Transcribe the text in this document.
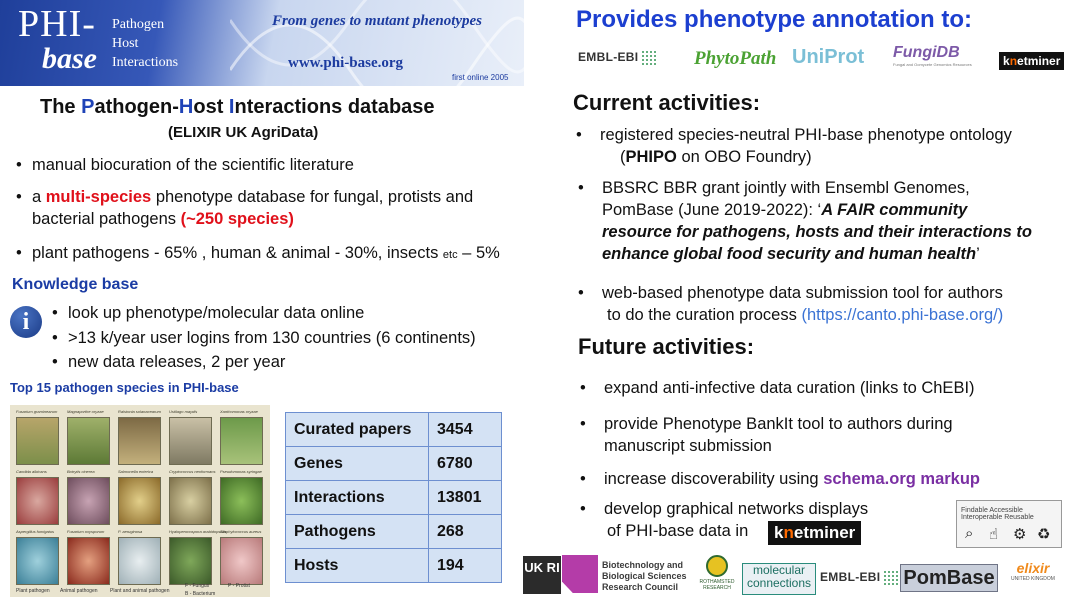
PHI-
base
Pathogen
Host
Interactions
From genes to mutant phenotypes
www.phi-base.org
first online 2005
The Pathogen-Host Interactions database
(ELIXIR UK AgriData)
• manual biocuration of the scientific literature
• a multi-species phenotype database for fungal, protists and
bacterial pathogens (~250 species)
• plant pathogens - 65% , human & animal - 30%, insects etc – 5%
Knowledge base
i	• look up phenotype/molecular data online
• >13 k/year user logins from 130 countries (6 continents)
• new data releases, 2 per year
Top 15 pathogen species in PHI-base
Fusarium graminearum Magnaporthe oryzae	Ralstonia solanacearum Ustilago maydis	Xanthomonas oryzae
Candida albicans	Botrytis cinerea	Salmonella enterica	Cryptococcus neoformans Pseudomonas syringae
Aspergillus fumigatus	Fusarium oxysporum	P. aeruginosa	Hyaloperonospora arabidopsidis
Staphylococcus aureus
Plant pathogen Animal pathogen Plant and animal pathogen
F - Fungus	P - Protist
B - Bacterium
Curated papers	3454
Genes	6780
Interactions	13801
Pathogens	268
Hosts	194
Provides phenotype annotation to:
EMBL-EBI	PhytoPath UniProt FungiDB
Fungal and Oomycete Genomics Resources	knetminer
Current activities:
• registered species-neutral PHI-base phenotype ontology
(PHIPO on OBO Foundry)
• BBSRC BBR grant jointly with Ensembl Genomes,
PomBase (June 2019-2022): ‘A FAIR community
resource for pathogens, hosts and their interactions to
enhance global food security and human health’
• web-based phenotype data submission tool for authors
to do the curation process (https://canto.phi-base.org/)
Future activities:
• expand anti-infective data curation (links to ChEBI)
• provide Phenotype BankIt tool to authors during
manuscript submission
• increase discoverability using schema.org markup
• develop graphical networks displays
of PHI-base data in	knetminer
Findable Accessible Interoperable Reusable
⌕ ☝ ⚙ ♻
UK RI	Biotechnology and
Biological Sciences
Research Council	ROTHAMSTED
RESEARCH
molecular
connections EMBL-EBI	PomBase	elixir
UNITED KINGDOM
